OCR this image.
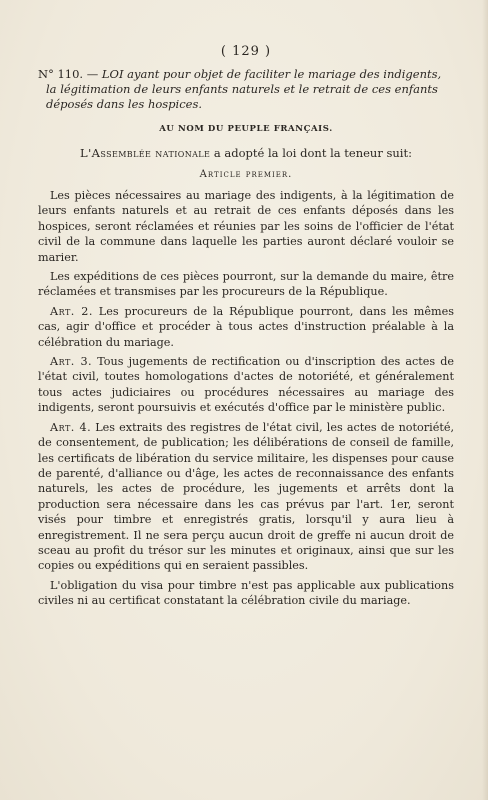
( 129 )

N° 110. — LOI ayant pour objet de faciliter le mariage des indigents, la légitimation de leurs enfants naturels et le retrait de ces enfants déposés dans les hospices.

AU NOM DU PEUPLE FRANÇAIS.

L'Assemblée nationale a adopté la loi dont la teneur suit:

Article premier.

Les pièces nécessaires au mariage des indigents, à la légitimation de leurs enfants naturels et au retrait de ces enfants déposés dans les hospices, seront réclamées et réunies par les soins de l'officier de l'état civil de la commune dans laquelle les parties auront déclaré vouloir se marier.

Les expéditions de ces pièces pourront, sur la demande du maire, être réclamées et transmises par les procureurs de la République.

Art. 2. Les procureurs de la République pourront, dans les mêmes cas, agir d'office et procéder à tous actes d'instruction préalable à la célébration du mariage.

Art. 3. Tous jugements de rectification ou d'inscription des actes de l'état civil, toutes homologations d'actes de notoriété, et généralement tous actes judiciaires ou procédures nécessaires au mariage des indigents, seront poursuivis et exécutés d'office par le ministère public.

Art. 4. Les extraits des registres de l'état civil, les actes de notoriété, de consentement, de publication; les délibérations de conseil de famille, les certificats de libération du service militaire, les dispenses pour cause de parenté, d'alliance ou d'âge, les actes de reconnaissance des enfants naturels, les actes de procédure, les jugements et arrêts dont la production sera nécessaire dans les cas prévus par l'art. 1er, seront visés pour timbre et enregistrés gratis, lorsqu'il y aura lieu à enregistrement. Il ne sera perçu aucun droit de greffe ni aucun droit de sceau au profit du trésor sur les minutes et originaux, ainsi que sur les copies ou expéditions qui en seraient passibles.

L'obligation du visa pour timbre n'est pas applicable aux publications civiles ni au certificat constatant la célébration civile du mariage.
